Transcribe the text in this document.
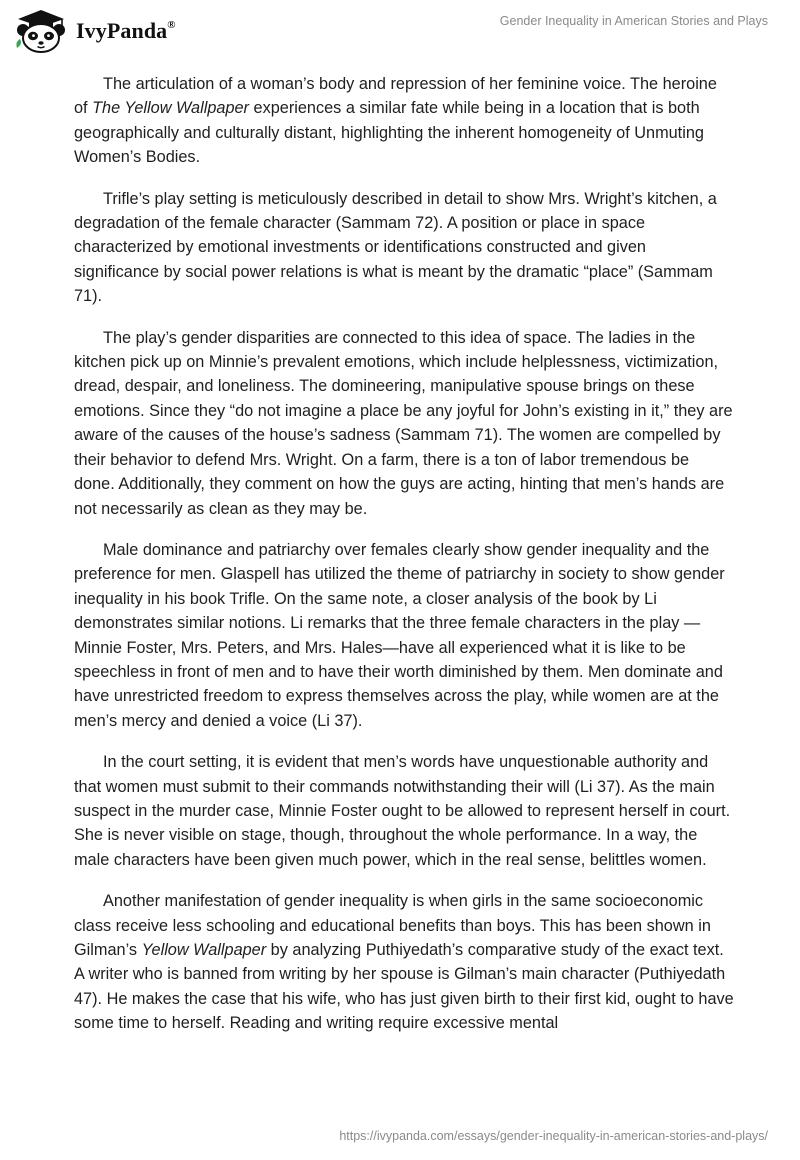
IvyPanda®	Gender Inequality in American Stories and Plays

The articulation of a woman’s body and repression of her feminine voice. The heroine of The Yellow Wallpaper experiences a similar fate while being in a location that is both geographically and culturally distant, highlighting the inherent homogeneity of Unmuting Women’s Bodies.

Trifle’s play setting is meticulously described in detail to show Mrs. Wright’s kitchen, a degradation of the female character (Sammam 72). A position or place in space characterized by emotional investments or identifications constructed and given significance by social power relations is what is meant by the dramatic “place” (Sammam 71).

The play’s gender disparities are connected to this idea of space. The ladies in the kitchen pick up on Minnie’s prevalent emotions, which include helplessness, victimization, dread, despair, and loneliness. The domineering, manipulative spouse brings on these emotions. Since they “do not imagine a place be any joyful for John’s existing in it,” they are aware of the causes of the house’s sadness (Sammam 71). The women are compelled by their behavior to defend Mrs. Wright. On a farm, there is a ton of labor tremendous be done. Additionally, they comment on how the guys are acting, hinting that men’s hands are not necessarily as clean as they may be.

Male dominance and patriarchy over females clearly show gender inequality and the preference for men. Glaspell has utilized the theme of patriarchy in society to show gender inequality in his book Trifle. On the same note, a closer analysis of the book by Li demonstrates similar notions. Li remarks that the three female characters in the play —Minnie Foster, Mrs. Peters, and Mrs. Hales—have all experienced what it is like to be speechless in front of men and to have their worth diminished by them. Men dominate and have unrestricted freedom to express themselves across the play, while women are at the men’s mercy and denied a voice (Li 37).

In the court setting, it is evident that men’s words have unquestionable authority and that women must submit to their commands notwithstanding their will (Li 37). As the main suspect in the murder case, Minnie Foster ought to be allowed to represent herself in court. She is never visible on stage, though, throughout the whole performance. In a way, the male characters have been given much power, which in the real sense, belittles women.

Another manifestation of gender inequality is when girls in the same socioeconomic class receive less schooling and educational benefits than boys. This has been shown in Gilman’s Yellow Wallpaper by analyzing Puthiyedath’s comparative study of the exact text. A writer who is banned from writing by her spouse is Gilman’s main character (Puthiyedath 47). He makes the case that his wife, who has just given birth to their first kid, ought to have some time to herself. Reading and writing require excessive mental

https://ivypanda.com/essays/gender-inequality-in-american-stories-and-plays/
